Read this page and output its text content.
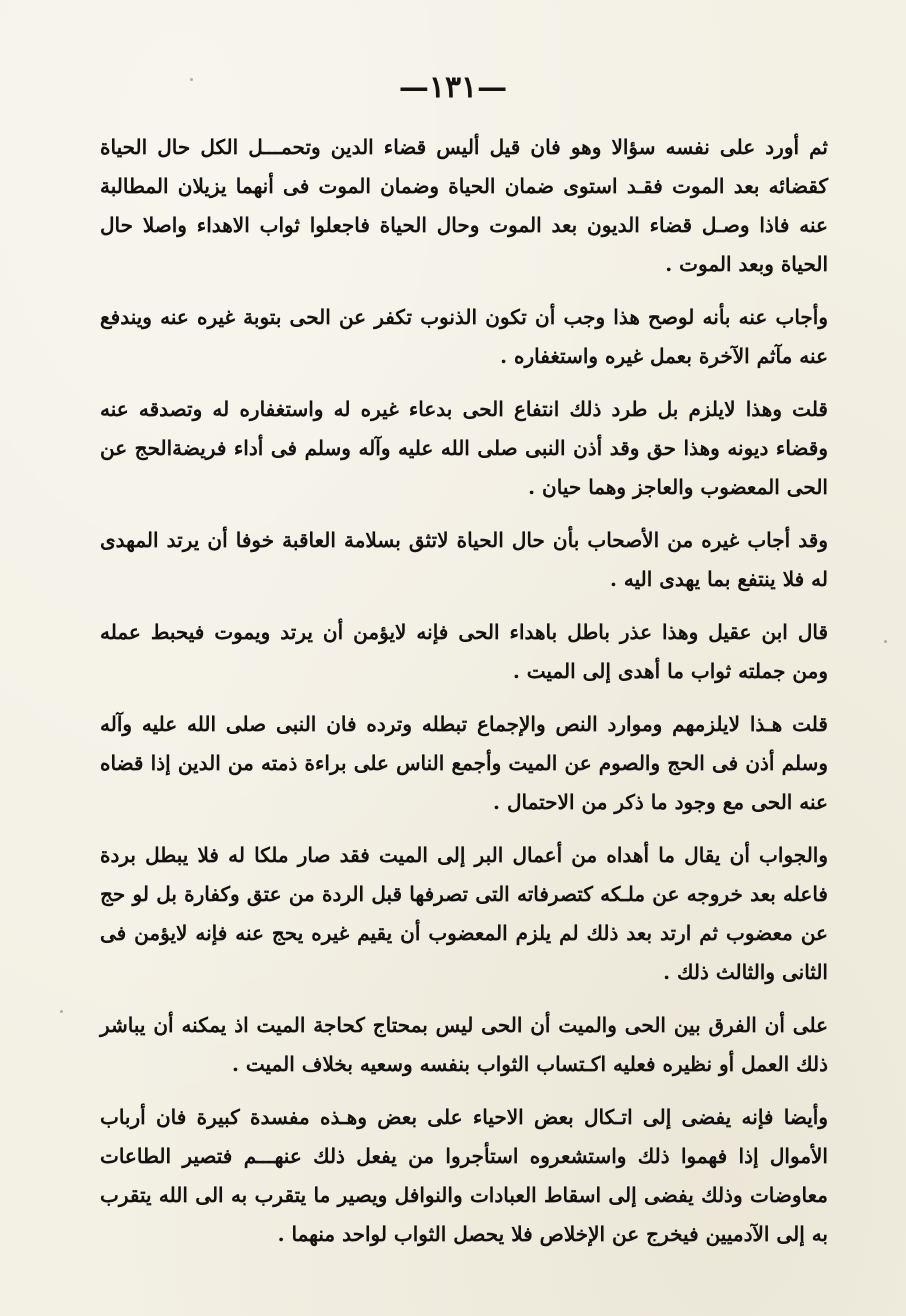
—١٣١—

ثم أورد على نفسه سؤالا وهو فان قيل أليس قضاء الدين وتحمـــل الكل حال الحياة كقضائه بعد الموت فقـد استوى ضمان الحياة وضمان الموت فى أنهما يزيلان المطالبة عنه فاذا وصـل قضاء الديون بعد الموت وحال الحياة فاجعلوا ثواب الاهداء واصلا حال الحياة وبعد الموت .

وأجاب عنه بأنه لوصح هذا وجب أن تكون الذنوب تكفر عن الحى بتوبة غيره عنه ويندفع عنه مآثم الآخرة بعمل غيره واستغفاره .

قلت وهذا لايلزم بل طرد ذلك انتفاع الحى بدعاء غيره له واستغفاره له وتصدقه عنه وقضاء ديونه وهذا حق وقد أذن النبى صلى الله عليه وآله وسلم فى أداء فريضةالحج عن الحى المعضوب والعاجز وهما حيان .

وقد أجاب غيره من الأصحاب بأن حال الحياة لاتثق بسلامة العاقبة خوفا أن يرتد المهدى له فلا ينتفع بما يهدى اليه .

قال ابن عقيل وهذا عذر باطل باهداء الحى فإنه لايؤمن أن يرتد ويموت فيحبط عمله ومن جملته ثواب ما أهدى إلى الميت .

قلت هـذا لايلزمهم وموارد النص والإجماع تبطله وترده فان النبى صلى الله عليه وآله وسلم أذن فى الحج والصوم عن الميت وأجمع الناس على براءة ذمته من الدين إذا قضاه عنه الحى مع وجود ما ذكر من الاحتمال .

والجواب أن يقال ما أهداه من أعمال البر إلى الميت فقد صار ملكا له فلا يبطل بردة فاعله بعد خروجه عن ملـكه كتصرفاته التى تصرفها قبل الردة من عتق وكفارة بل لو حج عن معضوب ثم ارتد بعد ذلك لم يلزم المعضوب أن يقيم غيره يحج عنه فإنه لايؤمن فى الثانى والثالث ذلك .

على أن الفرق بين الحى والميت أن الحى ليس بمحتاج كحاجة الميت اذ يمكنه أن يباشر ذلك العمل أو نظيره فعليه اكـتساب الثواب بنفسه وسعيه بخلاف الميت .

وأيضا فإنه يفضى إلى اتـكال بعض الاحياء على بعض وهـذه مفسدة كبيرة فان أرباب الأموال إذا فهموا ذلك واستشعروه استأجروا من يفعل ذلك عنهـــم فتصير الطاعات معاوضات وذلك يفضى إلى اسقاط العبادات والنوافل ويصير ما يتقرب به الى الله يتقرب به إلى الآدميين فيخرج عن الإخلاص فلا يحصل الثواب لواحد منهما .
